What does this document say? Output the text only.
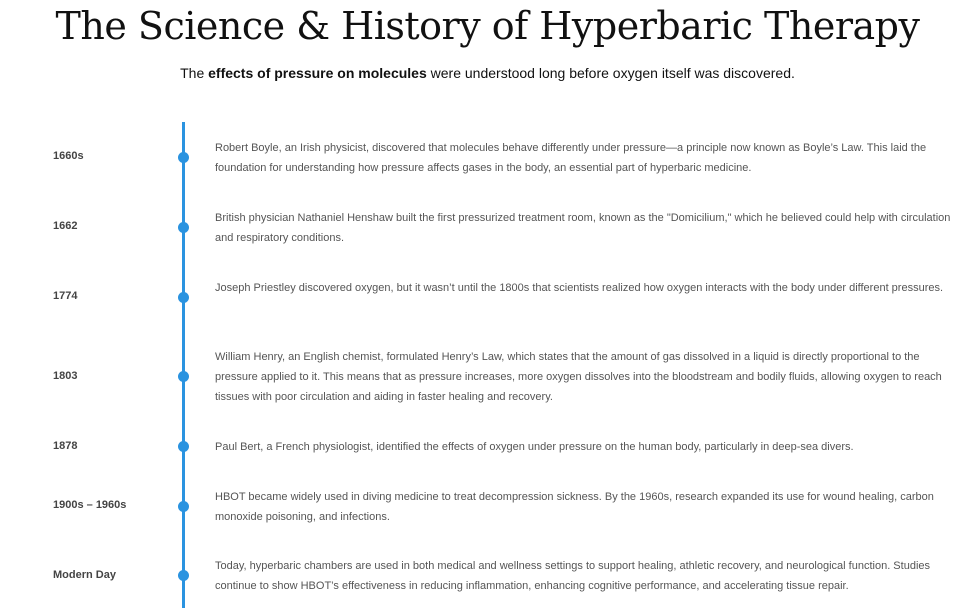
The Science & History of Hyperbaric Therapy

The effects of pressure on molecules were understood long before oxygen itself was discovered.

1660s

Robert Boyle, an Irish physicist, discovered that molecules behave differently under pressure—a principle now known as Boyle’s Law. This laid the foundation for understanding how pressure affects gases in the body, an essential part of hyperbaric medicine.

1662

British physician Nathaniel Henshaw built the first pressurized treatment room, known as the "Domicilium," which he believed could help with circulation and respiratory conditions.

1774

Joseph Priestley discovered oxygen, but it wasn’t until the 1800s that scientists realized how oxygen interacts with the body under different pressures.

1803

William Henry, an English chemist, formulated Henry’s Law, which states that the amount of gas dissolved in a liquid is directly proportional to the pressure applied to it. This means that as pressure increases, more oxygen dissolves into the bloodstream and bodily fluids, allowing oxygen to reach tissues with poor circulation and aiding in faster healing and recovery.

1878	Paul Bert, a French physiologist, identified the effects of oxygen under pressure on the human body, particularly in deep-sea divers.

1900s – 1960s

HBOT became widely used in diving medicine to treat decompression sickness. By the 1960s, research expanded its use for wound healing, carbon monoxide poisoning, and infections.

Modern Day

Today, hyperbaric chambers are used in both medical and wellness settings to support healing, athletic recovery, and neurological function. Studies continue to show HBOT’s effectiveness in reducing inflammation, enhancing cognitive performance, and accelerating tissue repair.
